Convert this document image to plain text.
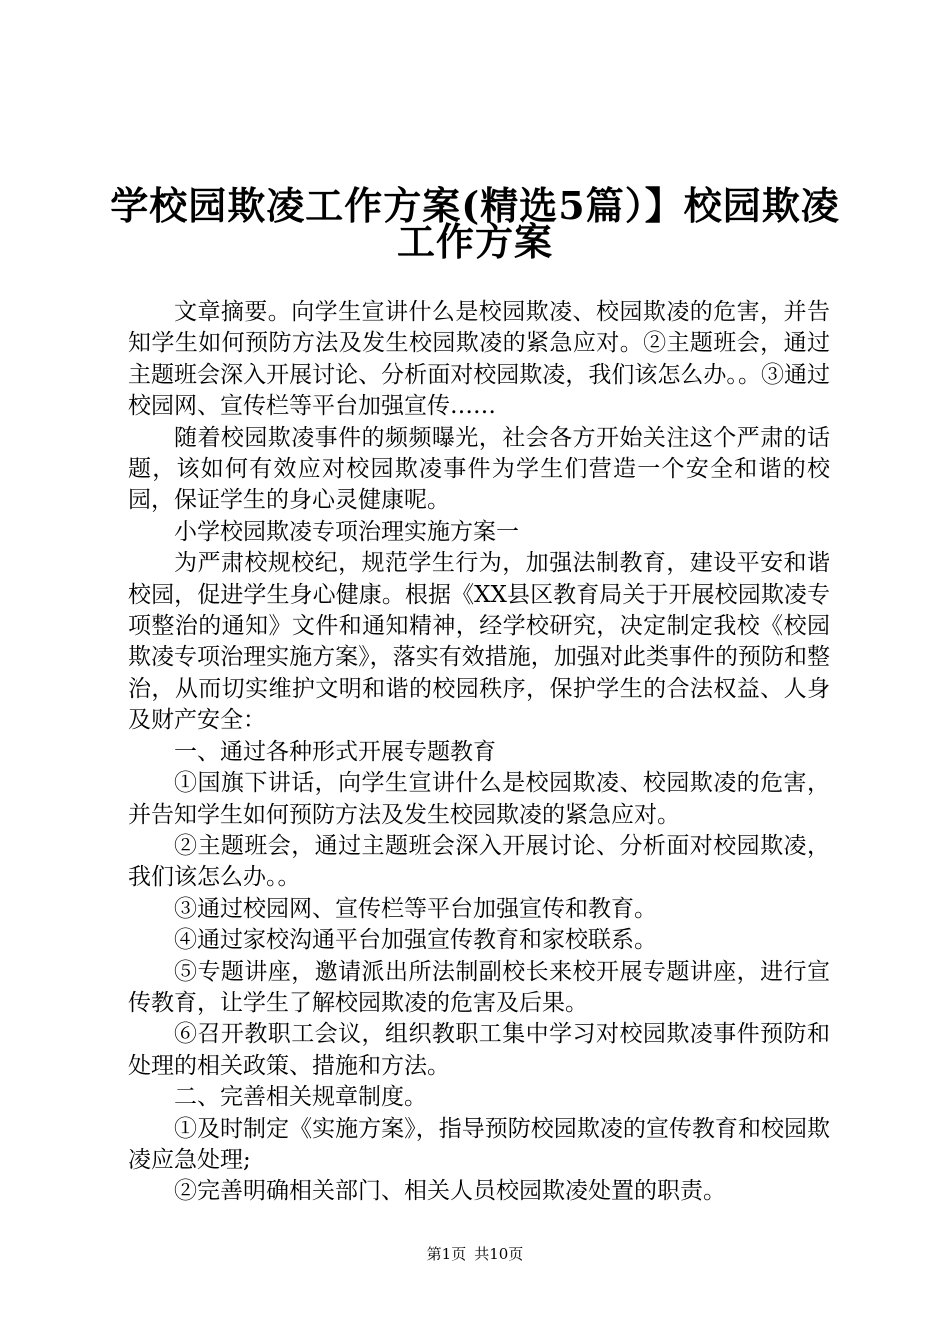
学校园欺凌工作方案(精选5篇）】校园欺凌
工作方案

文章摘要。向学生宣讲什么是校园欺凌、校园欺凌的危害，并告知学生如何预防方法及发生校园欺凌的紧急应对。②主题班会，通过主题班会深入开展讨论、分析面对校园欺凌，我们该怎么办。。③通过校园网、宣传栏等平台加强宣传……

随着校园欺凌事件的频频曝光，社会各方开始关注这个严肃的话题，该如何有效应对校园欺凌事件为学生们营造一个安全和谐的校园，保证学生的身心灵健康呢。

小学校园欺凌专项治理实施方案一

为严肃校规校纪，规范学生行为，加强法制教育，建设平安和谐校园，促进学生身心健康。根据《XX县区教育局关于开展校园欺凌专项整治的通知》文件和通知精神，经学校研究，决定制定我校《校园欺凌专项治理实施方案》，落实有效措施，加强对此类事件的预防和整治，从而切实维护文明和谐的校园秩序，保护学生的合法权益、人身及财产安全：

一、通过各种形式开展专题教育

①国旗下讲话，向学生宣讲什么是校园欺凌、校园欺凌的危害，并告知学生如何预防方法及发生校园欺凌的紧急应对。

②主题班会，通过主题班会深入开展讨论、分析面对校园欺凌，我们该怎么办。。

③通过校园网、宣传栏等平台加强宣传和教育。

④通过家校沟通平台加强宣传教育和家校联系。

⑤专题讲座，邀请派出所法制副校长来校开展专题讲座，进行宣传教育，让学生了解校园欺凌的危害及后果。

⑥召开教职工会议，组织教职工集中学习对校园欺凌事件预防和处理的相关政策、措施和方法。

二、完善相关规章制度。

①及时制定《实施方案》，指导预防校园欺凌的宣传教育和校园欺凌应急处理;

②完善明确相关部门、相关人员校园欺凌处置的职责。

第1页 共10页
